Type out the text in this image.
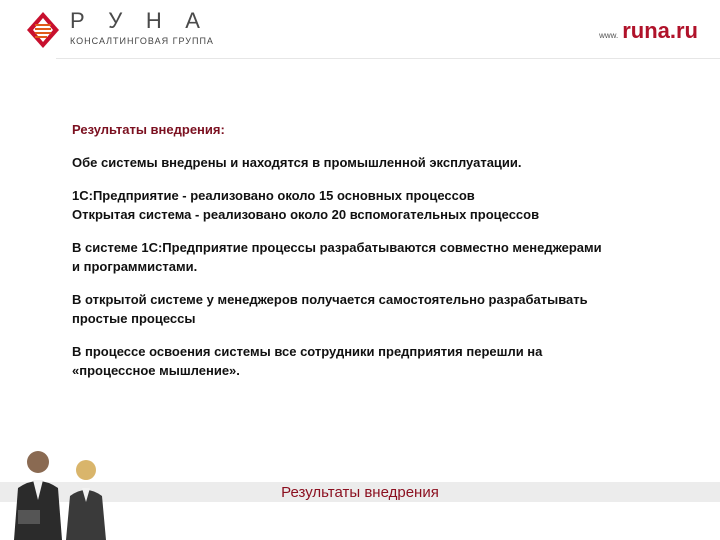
Р У Н А
КОНСАЛТИНГОВАЯ ГРУППА
www. runa.ru

Результаты внедрения:

Обе системы внедрены и находятся в промышленной эксплуатации.

1С:Предприятие - реализовано около 15 основных процессов
Открытая система - реализовано около 20 вспомогательных процессов

В системе 1С:Предприятие процессы разрабатываются совместно менеджерами
и программистами.

В открытой системе у менеджеров получается самостоятельно разрабатывать
простые процессы

В процессе освоения системы все сотрудники предприятия перешли на
«процессное мышление».

Результаты внедрения
